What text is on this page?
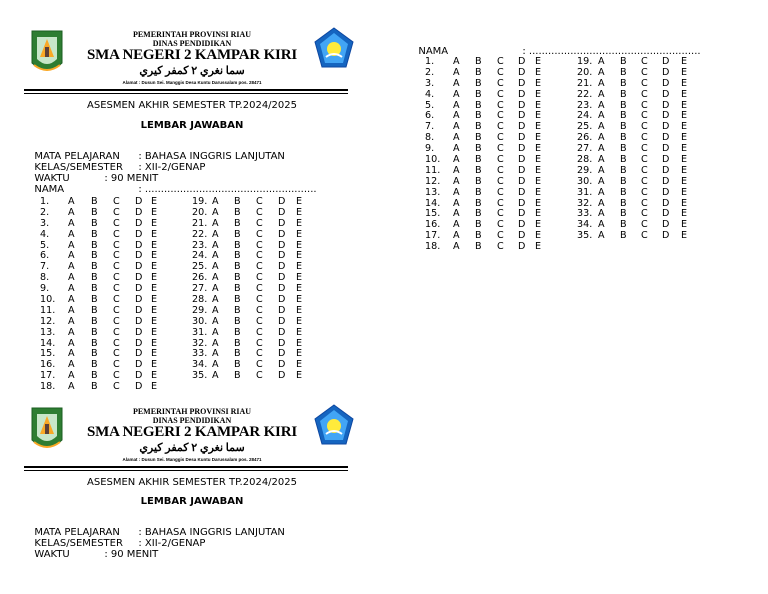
PEMERINTAH PROVINSI RIAU
DINAS PENDIDIKAN
SMA NEGERI 2 KAMPAR KIRI
ﺳﻤﺎ ﻧﻐﺮي ٢ ﻛﻤﻔﺮ ﻛﻴﺮي
Alamat : Dusun Sei. Manggis Desa Kuntu Darussalam pos. 28471
ASESMEN AKHIR SEMESTER TP.2024/2025
LEMBAR JAWABAN

MATA PELAJARAN : BAHASA INGGRIS LANJUTAN

KELAS/SEMESTER : XII-2/GENAP

WAKTU	: 90 MENIT

NAMA	: ......................................................

1. A B C D E
2. A B C D E
3. A B C D E
4. A B C D E
5. A B C D E
6. A B C D E
7. A B C D E
8. A B C D E
9. A B C D E
10. A B C D E
11. A B C D E
12. A B C D E
13. A B C D E
14. A B C D E
15. A B C D E
16. A B C D E
17. A B C D E
18. A B C D E
19. A B C D E
20. A B C D E
21. A B C D E
22. A B C D E
23. A B C D E
24. A B C D E
25. A B C D E
26. A B C D E
27. A B C D E
28. A B C D E
29. A B C D E
30. A B C D E
31. A B C D E
32. A B C D E
33. A B C D E
34. A B C D E
35. A B C D E
PEMERINTAH PROVINSI RIAU
DINAS PENDIDIKAN
SMA NEGERI 2 KAMPAR KIRI
ﺳﻤﺎ ﻧﻐﺮي ٢ ﻛﻤﻔﺮ ﻛﻴﺮي
Alamat : Dusun Sei. Manggis Desa Kuntu Darussalam pos. 28471
ASESMEN AKHIR SEMESTER TP.2024/2025
LEMBAR JAWABAN

MATA PELAJARAN : BAHASA INGGRIS LANJUTAN

KELAS/SEMESTER : XII-2/GENAP

WAKTU	: 90 MENIT

NAMA	: ......................................................

1. A B C D E
2. A B C D E
3. A B C D E
4. A B C D E
5. A B C D E
6. A B C D E
7. A B C D E
8. A B C D E
9. A B C D E
10. A B C D E
11. A B C D E
12. A B C D E
13. A B C D E
14. A B C D E
15. A B C D E
16. A B C D E
17. A B C D E
18. A B C D E
19. A B C D E
20. A B C D E
21. A B C D E
22. A B C D E
23. A B C D E
24. A B C D E
25. A B C D E
26. A B C D E
27. A B C D E
28. A B C D E
29. A B C D E
30. A B C D E
31. A B C D E
32. A B C D E
33. A B C D E
34. A B C D E
35. A B C D E
